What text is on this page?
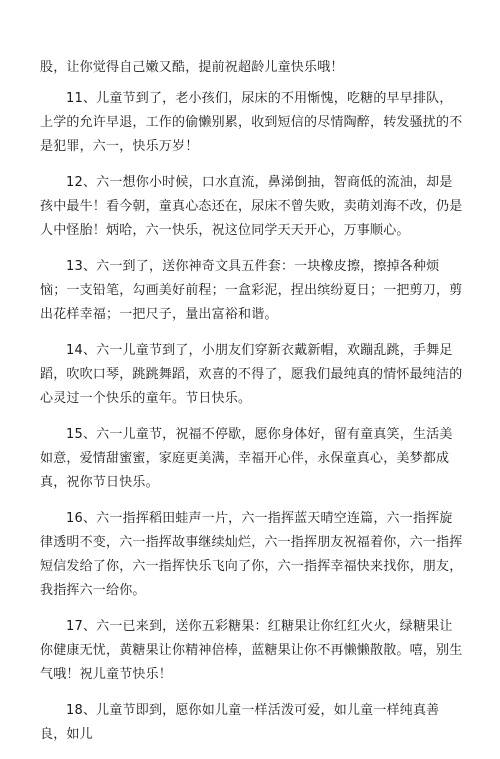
股，让你觉得自己嫩又酷，提前祝超龄儿童快乐哦！

11、儿童节到了，老小孩们，尿床的不用惭愧，吃糖的早早排队，上学的允许早退，工作的偷懒别累，收到短信的尽情陶醉，转发骚扰的不是犯罪，六一，快乐万岁！

12、六一想你小时候，口水直流，鼻涕倒抽，智商低的流油，却是孩中最牛！看今朝，童真心态还在，尿床不曾失败，卖萌刘海不改，仍是人中怪胎！炳哈，六一快乐，祝这位同学天天开心，万事顺心。

13、六一到了，送你神奇文具五件套：一块橡皮擦，擦掉各种烦恼；一支铅笔，勾画美好前程；一盒彩泥，捏出缤纷夏日；一把剪刀，剪出花样幸福；一把尺子，量出富裕和谐。

14、六一儿童节到了，小朋友们穿新衣戴新帽，欢蹦乱跳，手舞足蹈，吹吹口琴，跳跳舞蹈，欢喜的不得了，愿我们最纯真的情怀最纯洁的心灵过一个快乐的童年。节日快乐。

15、六一儿童节，祝福不停歇，愿你身体好，留有童真笑，生活美如意，爱情甜蜜蜜，家庭更美满，幸福开心伴，永保童真心，美梦都成真，祝你节日快乐。

16、六一指挥稻田蛙声一片，六一指挥蓝天晴空连篇，六一指挥旋律透明不变，六一指挥故事继续灿烂，六一指挥朋友祝福着你，六一指挥短信发给了你，六一指挥快乐飞向了你，六一指挥幸福快来找你，朋友，我指挥六一给你。

17、六一已来到，送你五彩糖果：红糖果让你红红火火，绿糖果让你健康无忧，黄糖果让你精神倍棒，蓝糖果让你不再懒懒散散。嘻，别生气哦！祝儿童节快乐！

18、儿童节即到，愿你如儿童一样活泼可爱，如儿童一样纯真善良，如儿
